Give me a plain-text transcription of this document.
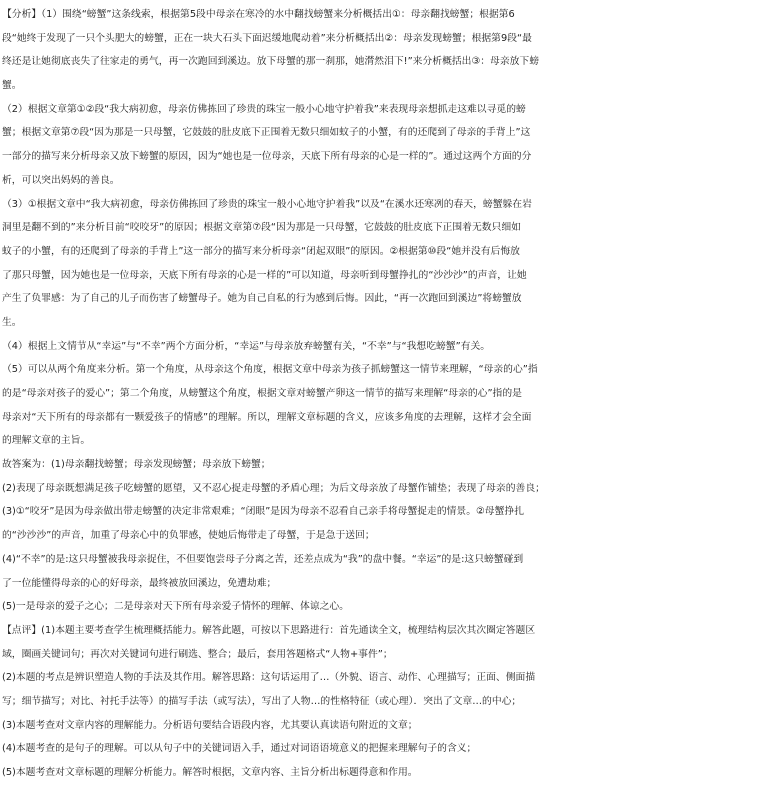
【分析】（1）围绕“螃蟹”这条线索，根据第5段中母亲在寒冷的水中翻找螃蟹来分析概括出①：母亲翻找螃蟹；根据第6
段“她终于发现了一只个头肥大的螃蟹，正在一块大石头下面迟缓地爬动着”来分析概括出②：母亲发现螃蟹；根据第9段“最
终还是让她彻底丧失了往家走的勇气，再一次跑回到溪边。放下母蟹的那一刹那，她潸然泪下!”来分析概括出③：母亲放下螃
蟹。
（2）根据文章第①②段“我大病初愈，母亲仿佛拣回了珍贵的珠宝一般小心地守护着我”来表现母亲想抓走这难以寻觅的螃
蟹；根据文章第⑦段“因为那是一只母蟹，它鼓鼓的肚皮底下正围着无数只细如蚊子的小蟹，有的还爬到了母亲的手背上”这
一部分的描写来分析母亲又放下螃蟹的原因，因为“她也是一位母亲，天底下所有母亲的心是一样的”。通过这两个方面的分
析，可以突出妈妈的善良。
（3）①根据文章中“我大病初愈，母亲仿佛拣回了珍贵的珠宝一般小心地守护着我”以及“在溪水还寒冽的春天，螃蟹躲在岩
洞里是翻不到的”来分析目前“咬咬牙”的原因；根据文章第⑦段“因为那是一只母蟹，它鼓鼓的肚皮底下正围着无数只细如
蚊子的小蟹，有的还爬到了母亲的手背上”这一部分的描写来分析母亲“闭起双眼”的原因。②根据第⑩段“她并没有后悔放
了那只母蟹，因为她也是一位母亲，天底下所有母亲的心是一样的”可以知道，母亲听到母蟹挣扎的“沙沙沙”的声音，让她
产生了负罪感：为了自己的儿子而伤害了螃蟹母子。她为自己自私的行为感到后悔。因此，“再一次跑回到溪边”将螃蟹放
生。
（4）根据上文情节从“幸运”与“不幸”两个方面分析，“幸运”与母亲放弃螃蟹有关，“不幸”与“我想吃螃蟹”有关。
（5）可以从两个角度来分析。第一个角度，从母亲这个角度，根据文章中母亲为孩子抓螃蟹这一情节来理解，“母亲的心”指
的是“母亲对孩子的爱心”；第二个角度，从螃蟹这个角度，根据文章对螃蟹产卵这一情节的描写来理解“母亲的心”指的是
母亲对“天下所有的母亲都有一颗爱孩子的情感”的理解。所以，理解文章标题的含义，应该多角度的去理解，这样才会全面
的理解文章的主旨。
故答案为：(1)母亲翻找螃蟹；母亲发现螃蟹；母亲放下螃蟹；
(2)表现了母亲既想满足孩子吃螃蟹的愿望，又不忍心捉走母蟹的矛盾心理；为后文母亲放了母蟹作铺垫；表现了母亲的善良；
(3)①“咬牙”是因为母亲做出带走螃蟹的决定非常艰难；“闭眼”是因为母亲不忍看自己亲手将母蟹捉走的情景。②母蟹挣扎
的“沙沙沙”的声音，加重了母亲心中的负罪感，使她后悔带走了母蟹，于是急于送回；
(4)“不幸”的是:这只母蟹被我母亲捉住，不但要饱尝母子分离之苦，还差点成为“我”的盘中餐。“幸运”的是:这只螃蟹碰到
了一位能懂得母亲的心的好母亲，最终被放回溪边，免遭劫难；
(5)一是母亲的爱子之心；二是母亲对天下所有母亲爱子情怀的理解、体谅之心。
【点评】(1)本题主要考查学生梳理概括能力。解答此题，可按以下思路进行：首先通读全文，梳理结构层次其次圈定答题区
域，圈画关键词句；再次对关键词句进行刷选、整合；最后，套用答题格式“人物+事件”；
(2)本题的考点是辨识塑造人物的手法及其作用。解答思路：这句话运用了…（外貌、语言、动作、心理描写；正面、侧面描
写；细节描写；对比、衬托手法等）的描写手法（或写法），写出了人物…的性格特征（或心理）．突出了文章…的中心；
(3)本题考查对文章内容的理解能力。分析语句要结合语段内容，尤其要认真读语句附近的文章；
(4)本题考查的是句子的理解。可以从句子中的关键词语入手，通过对词语语境意义的把握来理解句子的含义；
(5)本题考查对文章标题的理解分析能力。解答时根据，文章内容、主旨分析出标题得意和作用。
